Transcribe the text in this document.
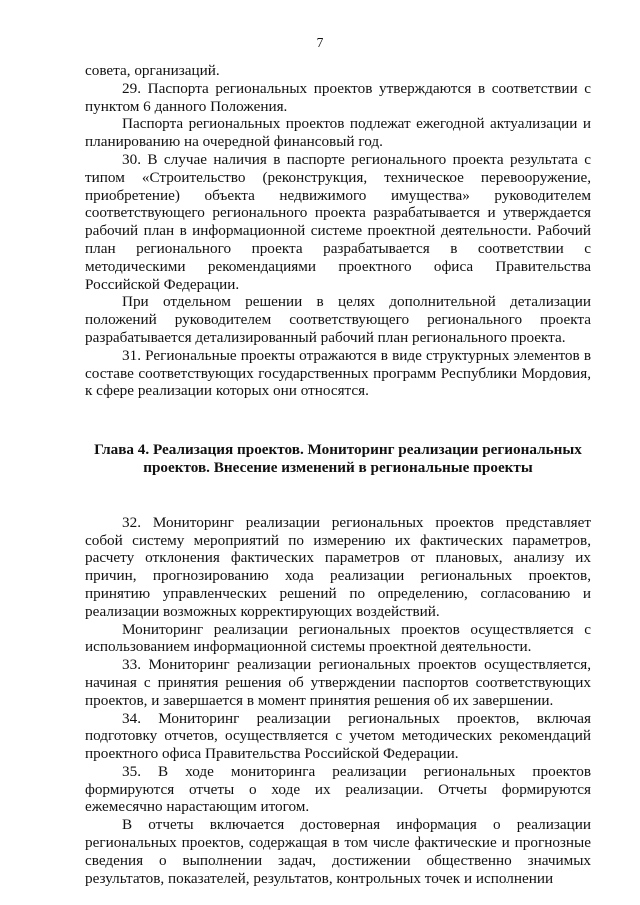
7

совета, организаций.

29. Паспорта региональных проектов утверждаются в соответствии с пунктом 6 данного Положения.

Паспорта региональных проектов подлежат ежегодной актуализации и планированию на очередной финансовый год.

30. В случае наличия в паспорте регионального проекта результата с типом «Строительство (реконструкция, техническое перевооружение, приобретение) объекта недвижимого имущества» руководителем соответствующего регионального проекта разрабатывается и утверждается рабочий план в информационной системе проектной деятельности. Рабочий план регионального проекта разрабатывается в соответствии с методическими рекомендациями проектного офиса Правительства Российской Федерации.

При отдельном решении в целях дополнительной детализации положений руководителем соответствующего регионального проекта разрабатывается детализированный рабочий план регионального проекта.

31. Региональные проекты отражаются в виде структурных элементов в составе соответствующих государственных программ Республики Мордовия, к сфере реализации которых они относятся.

Глава 4. Реализация проектов. Мониторинг реализации региональных
проектов. Внесение изменений в региональные проекты

32. Мониторинг реализации региональных проектов представляет собой систему мероприятий по измерению их фактических параметров, расчету отклонения фактических параметров от плановых, анализу их причин, прогнозированию хода реализации региональных проектов, принятию управленческих решений по определению, согласованию и реализации возможных корректирующих воздействий.

Мониторинг реализации региональных проектов осуществляется с использованием информационной системы проектной деятельности.

33. Мониторинг реализации региональных проектов осуществляется, начиная с принятия решения об утверждении паспортов соответствующих проектов, и завершается в момент принятия решения об их завершении.

34. Мониторинг реализации региональных проектов, включая подготовку отчетов, осуществляется с учетом методических рекомендаций проектного офиса Правительства Российской Федерации.

35. В ходе мониторинга реализации региональных проектов формируются отчеты о ходе их реализации. Отчеты формируются ежемесячно нарастающим итогом.

В отчеты включается достоверная информация о реализации региональных проектов, содержащая в том числе фактические и прогнозные сведения о выполнении задач, достижении общественно значимых результатов, показателей, результатов, контрольных точек и исполнении
